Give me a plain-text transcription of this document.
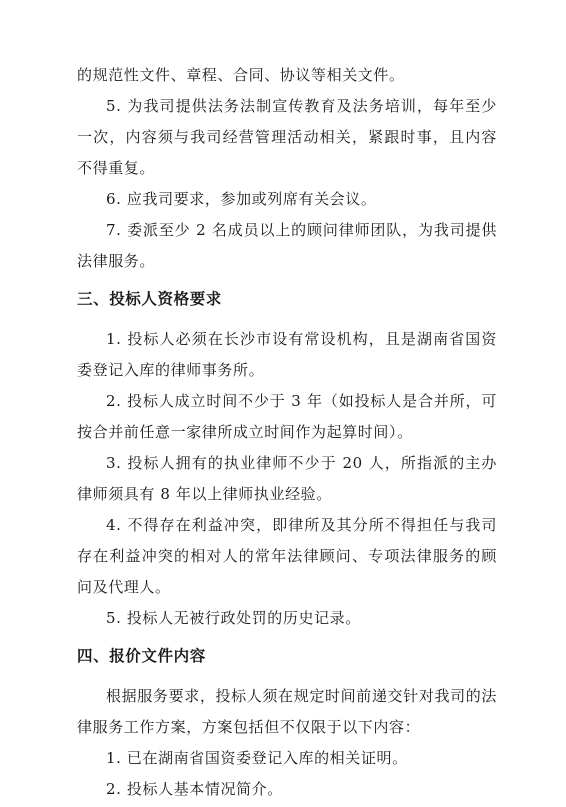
的规范性文件、章程、合同、协议等相关文件。

5. 为我司提供法务法制宣传教育及法务培训，每年至少一次，内容须与我司经营管理活动相关，紧跟时事，且内容不得重复。

6. 应我司要求，参加或列席有关会议。

7. 委派至少 2 名成员以上的顾问律师团队，为我司提供法律服务。

三、投标人资格要求

1. 投标人必须在长沙市设有常设机构，且是湖南省国资委登记入库的律师事务所。

2. 投标人成立时间不少于 3 年（如投标人是合并所，可按合并前任意一家律所成立时间作为起算时间）。

3. 投标人拥有的执业律师不少于 20 人，所指派的主办律师须具有 8 年以上律师执业经验。

4. 不得存在利益冲突，即律所及其分所不得担任与我司存在利益冲突的相对人的常年法律顾问、专项法律服务的顾问及代理人。

5. 投标人无被行政处罚的历史记录。

四、报价文件内容

根据服务要求，投标人须在规定时间前递交针对我司的法律服务工作方案，方案包括但不仅限于以下内容：

1. 已在湖南省国资委登记入库的相关证明。

2. 投标人基本情况简介。
